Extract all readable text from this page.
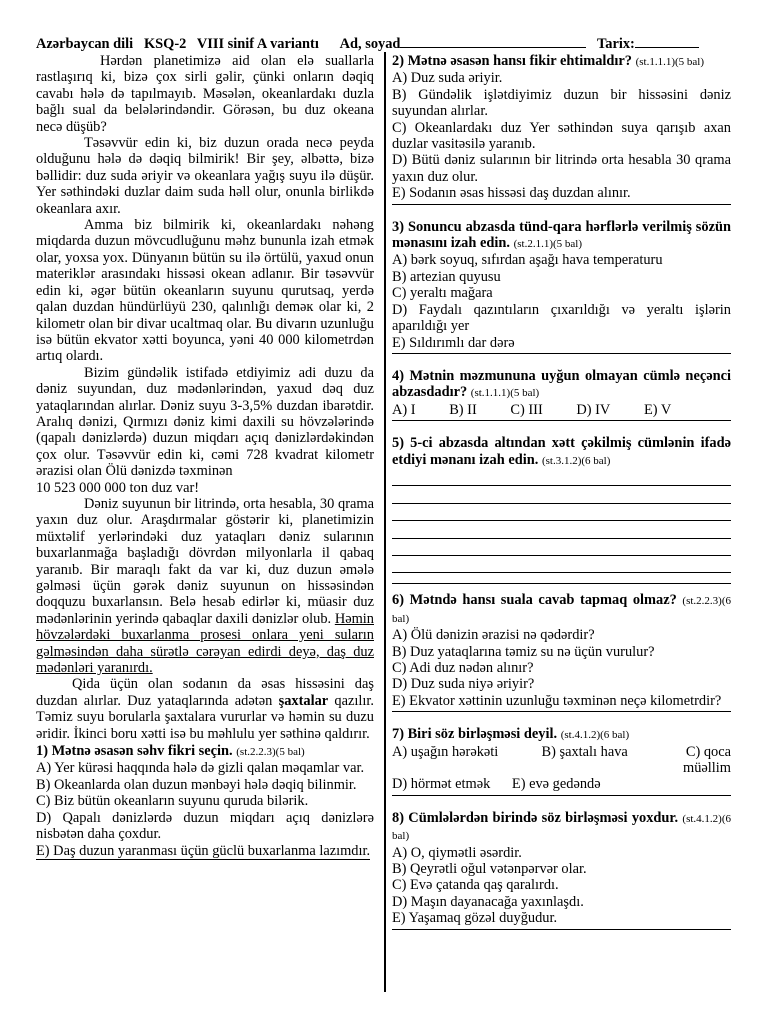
Azərbaycan dili KSQ-2 VIII sinif A variantı Ad, soyad	Tarix:

Hərdən planetimizə aid olan elə suallarla rastlaşırıq ki, bizə çox sirli gəlir, çünki onların dəqiq cavabı hələ də tapılmayıb. Məsələn, okeanlardakı duzla bağlı sual da belələrindəndir. Görəsən, bu duz okeana necə düşüb?

Təsəvvür edin ki, biz duzun orada necə peyda olduğunu hələ də dəqiq bilmirik! Bir şey, əlbəttə, bizə bəllidir: duz suda əriyir və okeanlara yağış suyu ilə düşür. Yer səthindəki duzlar daim suda həll olur, onunla birlikdə okeanlara axır.

Amma biz bilmirik ki, okeanlardakı nəhəng miqdarda duzun mövcudluğunu məhz bununla izah etmək olar, yoxsa yox. Dünyanın bütün su ilə örtülü, yaxud onun materiklər arasındakı hissəsi okean adlanır. Bir təsəvvür edin ki, əgər bütün okeanların suyunu qurutsaq, yerdə qalan duzdan hündürlüyü 230, qalınlığı deməк olar ki, 2 kilometr olan bir divar ucaltmaq olar. Bu divarın uzunluğu isə bütün ekvator xətti boyunca, yəni 40 000 kilometrdən artıq olardı.

Bizim gündəlik istifadə etdiyimiz adi duzu da dəniz suyundan, duz mədənlərindən, yaxud dəq duz yataqlarından alırlar. Dəniz suyu 3-3,5% duzdan ibarətdir. Aralıq dənizi, Qırmızı dəniz kimi daxili su hövzələrində (qapalı dənizlərdə) duzun miqdarı açıq dənizlərdəkindən çox olur. Təsəvvür edin ki, cəmi 728 kvadrat kilometr ərazisi olan Ölü dənizdə təxminən

10 523 000 000 ton duz var!

Dəniz suyunun bir litrində, orta hesabla, 30 qrama yaxın duz olur. Araşdırmalar göstərir ki, planetimizin müxtəlif yerlərindəki duz yataqları dəniz sularının buxarlanmağa başladığı dövrdən milyonlarla il qabaq yaranıb. Bir maraqlı fakt da var ki, duz duzun əmələ gəlməsi üçün gərək dəniz suyunun on hissəsindən doqquzu buxarlansın. Belə hesab edirlər ki, müasir duz mədənlərinin yerində qabaqlar daxili dənizlər olub. Həmin hövzələrdəki buxarlanma prosesi onlara yeni suların gəlməsindən daha sürətlə cərəyan edirdi deyə, daş duz mədənləri yaranırdı.

Qida üçün olan sodanın da əsas hissəsini daş duzdan alırlar. Duz yataqlarında adətən şaxtalar qazılır. Təmiz suyu borularla şaxtalara vururlar və həmin su duzu əridir. İkinci boru xətti isə bu məhlulu yer səthinə qaldırır.

1) Mətnə əsasən səhv fikri seçin. (st.2.2.3)(5 bal)

A) Yer kürəsi haqqında hələ də gizli qalan məqamlar var.

B) Okeanlarda olan duzun mənbəyi hələ dəqiq bilinmir.

C) Biz bütün okeanların suyunu quruda bilərik.

D) Qapalı dənizlərdə duzun miqdarı açıq dənizlərə nisbətən daha çoxdur.

E) Daş duzun yaranması üçün güclü buxarlanma lazımdır.

2) Mətnə əsasən hansı fikir ehtimaldır? (st.1.1.1)(5 bal)

A) Duz suda əriyir.

B) Gündəlik işlətdiyimiz duzun bir hissəsini dəniz suyundan alırlar.

C) Okeanlardakı duz Yer səthindən suya qarışıb axan duzlar vasitəsilə yaranıb.

D) Bütü dəniz sularının bir litrində orta hesabla 30 qrama yaxın duz olur.

E) Sodanın əsas hissəsi daş duzdan alınır.

3) Sonuncu abzasda tünd-qara hərflərlə verilmiş sözün mənasını izah edin. (st.2.1.1)(5 bal)

A) bərk soyuq, sıfırdan aşağı hava temperaturu

B) artezian quyusu

C) yeraltı mağara

D) Faydalı qazıntıların çıxarıldığı və yeraltı işlərin aparıldığı yer

E) Sıldırımlı dar dərə

4) Mətnin məzmununa uyğun olmayan cümlə neçənci abzasdadır? (st.1.1.1)(5 bal)

A) I B) II C) III D) IV E) V

5) 5-ci abzasda altından xətt çəkilmiş cümlənin ifadə etdiyi mənanı izah edin. (st.3.1.2)(6 bal)

6) Mətndə hansı suala cavab tapmaq olmaz? (st.2.2.3)(6 bal)

A) Ölü dənizin ərazisi nə qədərdir?

B) Duz yataqlarına təmiz su nə üçün vurulur?

C) Adi duz nədən alınır?

D) Duz suda niyə əriyir?

E) Ekvator xəttinin uzunluğu təxminən neçə kilometrdir?

7) Biri söz birləşməsi deyil. (st.4.1.2)(6 bal)

A) uşağın hərəkəti	B) şaxtalı hava	C) qoca müəllim

D) hörmət etmək E) evə gedəndə

8) Cümlələrdən birində söz birləşməsi yoxdur. (st.4.1.2)(6 bal)

A) O, qiymətli əsərdir.

B) Qeyrətli oğul vətənpərvər olar.

C) Evə çatanda qaş qaralırdı.

D) Maşın dayanacağa yaxınlaşdı.

E) Yaşamaq gözəl duyğudur.
